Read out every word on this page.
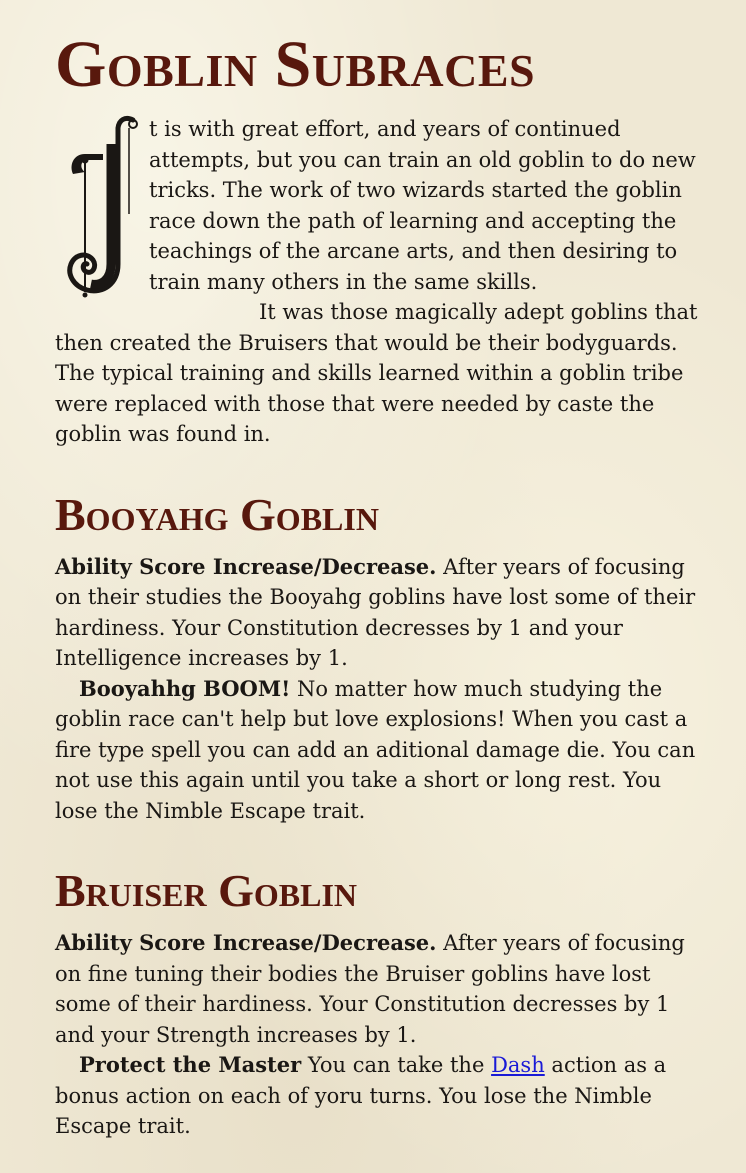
Goblin Subraces

t is with great effort, and years of continued attempts, but you can train an old goblin to do new tricks. The work of two wizards started the goblin race down the path of learning and accepting the teachings of the arcane arts, and then desiring to train many others in the same skills.

It was those magically adept goblins that then created the Bruisers that would be their bodyguards. The typical training and skills learned within a goblin tribe were replaced with those that were needed by caste the goblin was found in.

Booyahg Goblin

Ability Score Increase/Decrease. After years of focusing on their studies the Booyahg goblins have lost some of their hardiness. Your Constitution decresses by 1 and your Intelligence increases by 1.

Booyahhg BOOM! No matter how much studying the goblin race can't help but love explosions! When you cast a fire type spell you can add an aditional damage die. You can not use this again until you take a short or long rest. You lose the Nimble Escape trait.

Bruiser Goblin

Ability Score Increase/Decrease. After years of focusing on fine tuning their bodies the Bruiser goblins have lost some of their hardiness. Your Constitution decresses by 1 and your Strength increases by 1.

Protect the Master You can take the Dash action as a bonus action on each of yoru turns. You lose the Nimble Escape trait.
